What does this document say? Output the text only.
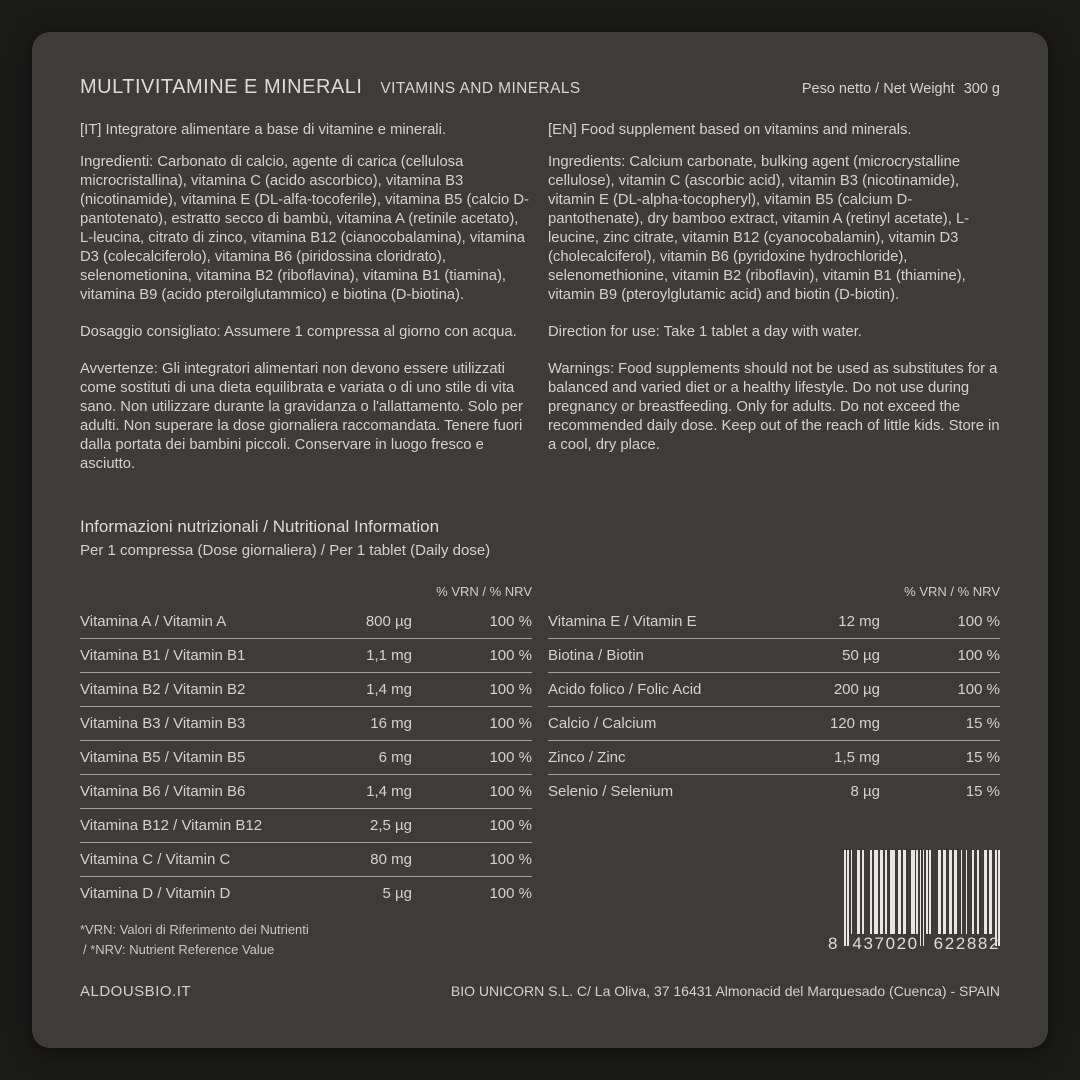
MULTIVITAMINE E MINERALI VITAMINS AND MINERALS	Peso netto / Net Weight 300 g

[IT] Integratore alimentare a base di vitamine e minerali.

Ingredienti: Carbonato di calcio, agente di carica (cellulosa microcristallina), vitamina C (acido ascorbico), vitamina B3 (nicotinamide), vitamina E (DL-alfa-tocoferile), vitamina B5 (calcio D-pantotenato), estratto secco di bambù, vitamina A (retinile acetato), L-leucina, citrato di zinco, vitamina B12 (cianocobalamina), vitamina D3 (colecalciferolo), vitamina B6 (piridossina cloridrato), selenometionina, vitamina B2 (riboflavina), vitamina B1 (tiamina), vitamina B9 (acido pteroilglutammico) e biotina (D-biotina).

Dosaggio consigliato: Assumere 1 compressa al giorno con acqua.

Avvertenze: Gli integratori alimentari non devono essere utilizzati come sostituti di una dieta equilibrata e variata o di uno stile di vita sano. Non utilizzare durante la gravidanza o l'allattamento. Solo per adulti. Non superare la dose giornaliera raccomandata. Tenere fuori dalla portata dei bambini piccoli. Conservare in luogo fresco e asciutto.

[EN] Food supplement based on vitamins and minerals.

Ingredients: Calcium carbonate, bulking agent (microcrystalline cellulose), vitamin C (ascorbic acid), vitamin B3 (nicotinamide), vitamin E (DL-alpha-tocopheryl), vitamin B5 (calcium D-pantothenate), dry bamboo extract, vitamin A (retinyl acetate), L-leucine, zinc citrate, vitamin B12 (cyanocobalamin), vitamin D3 (cholecalciferol), vitamin B6 (pyridoxine hydrochloride), selenomethionine, vitamin B2 (riboflavin), vitamin B1 (thiamine), vitamin B9 (pteroylglutamic acid) and biotin (D-biotin).

Direction for use: Take 1 tablet a day with water.

Warnings: Food supplements should not be used as substitutes for a balanced and varied diet or a healthy lifestyle. Do not use during pregnancy or breastfeeding. Only for adults. Do not exceed the recommended daily dose. Keep out of the reach of little kids. Store in a cool, dry place.

Informazioni nutrizionali / Nutritional Information

Per 1 compressa (Dose giornaliera) / Per 1 tablet (Daily dose)

% VRN / % NRV
Vitamina A / Vitamin A	800 µg	100 %
Vitamina B1 / Vitamin B1	1,1 mg	100 %
Vitamina B2 / Vitamin B2	1,4 mg	100 %
Vitamina B3 / Vitamin B3	16 mg	100 %
Vitamina B5 / Vitamin B5	6 mg	100 %
Vitamina B6 / Vitamin B6	1,4 mg	100 %
Vitamina B12 / Vitamin B12	2,5 µg	100 %
Vitamina C / Vitamin C	80 mg	100 %
Vitamina D / Vitamin D	5 µg	100 %
% VRN / % NRV
Vitamina E / Vitamin E	12 mg	100 %
Biotina / Biotin	50 µg	100 %
Acido folico / Folic Acid	200 µg	100 %
Calcio / Calcium	120 mg	15 %
Zinco / Zinc	1,5 mg	15 %
Selenio / Selenium	8 µg	15 %
*VRN: Valori di Riferimento dei Nutrienti
/ *NRV: Nutrient Reference Value	8 437020 622882
ALDOUSBIO.IT	BIO UNICORN S.L. C/ La Oliva, 37 16431 Almonacid del Marquesado (Cuenca) - SPAIN
